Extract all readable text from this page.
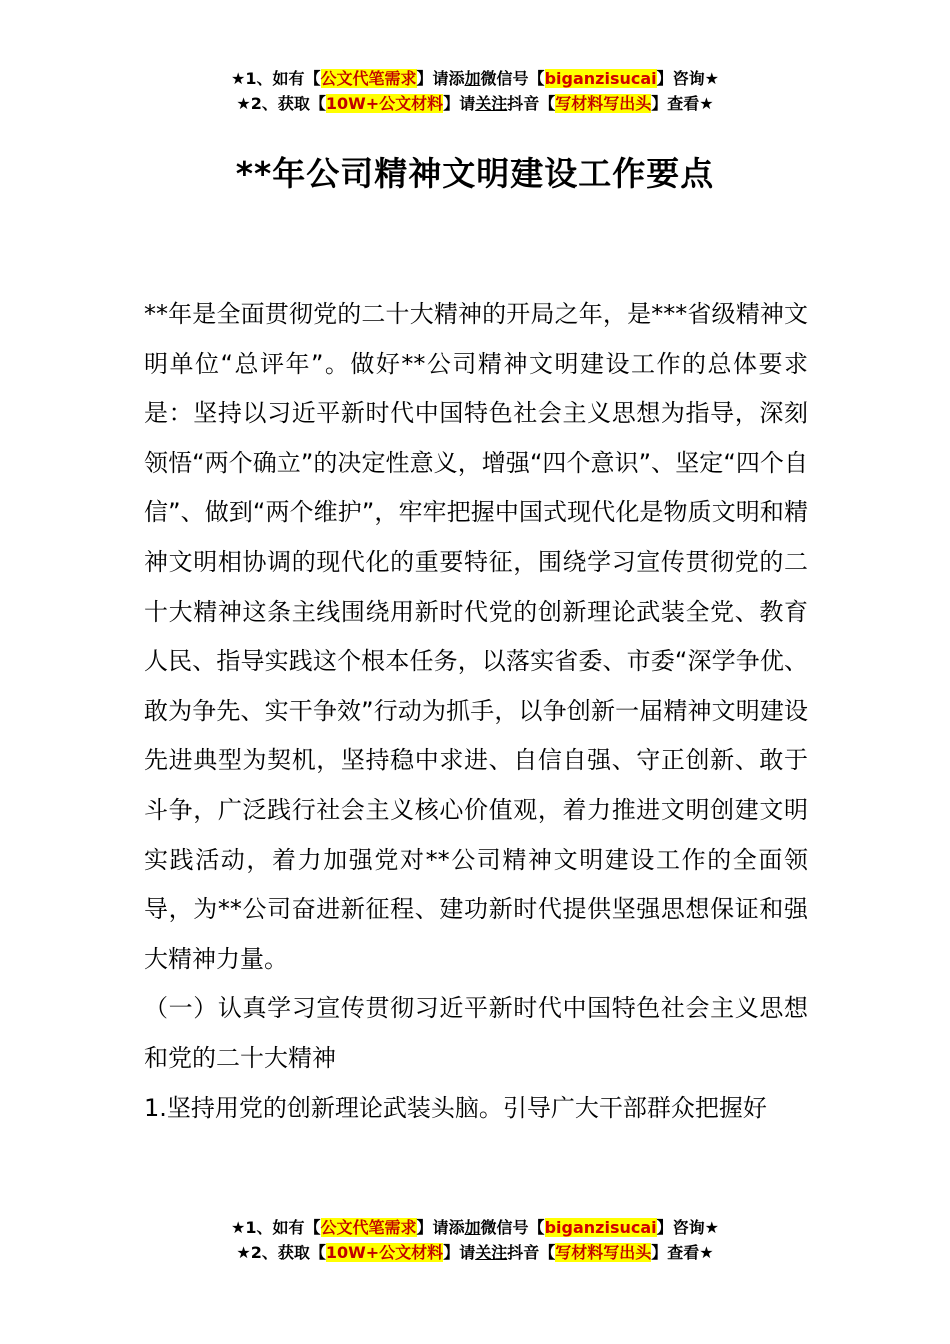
★1、如有【公文代笔需求】请添加微信号【biganzisucai】咨询★
★2、获取【10W+公文材料】请关注抖音【写材料写出头】查看★
**年公司精神文明建设工作要点

**年是全面贯彻党的二十大精神的开局之年，是***省级精神文明单位“总评年”。做好**公司精神文明建设工作的总体要求是：坚持以习近平新时代中国特色社会主义思想为指导，深刻领悟“两个确立”的决定性意义，增强“四个意识”、坚定“四个自信”、做到“两个维护”，牢牢把握中国式现代化是物质文明和精神文明相协调的现代化的重要特征，围绕学习宣传贯彻党的二十大精神这条主线围绕用新时代党的创新理论武装全党、教育人民、指导实践这个根本任务，以落实省委、市委“深学争优、敢为争先、实干争效”行动为抓手，以争创新一届精神文明建设先进典型为契机，坚持稳中求进、自信自强、守正创新、敢于斗争，广泛践行社会主义核心价值观，着力推进文明创建文明实践活动，着力加强党对**公司精神文明建设工作的全面领导，为**公司奋进新征程、建功新时代提供坚强思想保证和强大精神力量。

（一）认真学习宣传贯彻习近平新时代中国特色社会主义思想和党的二十大精神

1.坚持用党的创新理论武装头脑。引导广大干部群众把握好

★1、如有【公文代笔需求】请添加微信号【biganzisucai】咨询★
★2、获取【10W+公文材料】请关注抖音【写材料写出头】查看★
